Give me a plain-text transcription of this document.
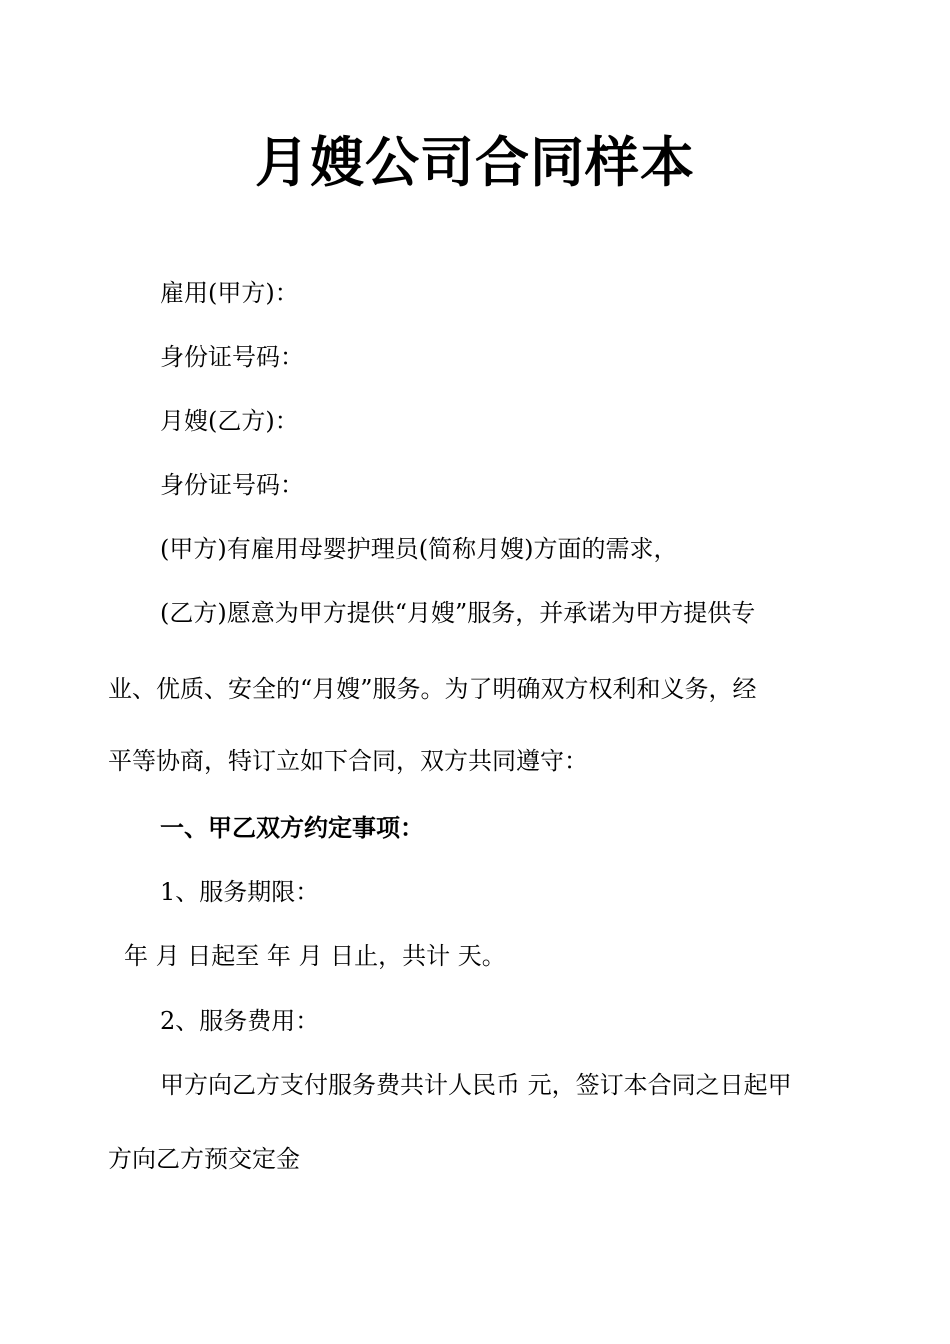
月嫂公司合同样本
雇用(甲方)：
身份证号码：
月嫂(乙方)：
身份证号码：
(甲方)有雇用母婴护理员(简称月嫂)方面的需求，
(乙方)愿意为甲方提供“月嫂”服务，并承诺为甲方提供专
业、优质、安全的“月嫂”服务。为了明确双方权利和义务，经
平等协商，特订立如下合同，双方共同遵守：
一、甲乙双方约定事项：
1、服务期限：
年 月 日起至 年 月 日止，共计 天。
2、服务费用：
甲方向乙方支付服务费共计人民币 元，签订本合同之日起甲
方向乙方预交定金
